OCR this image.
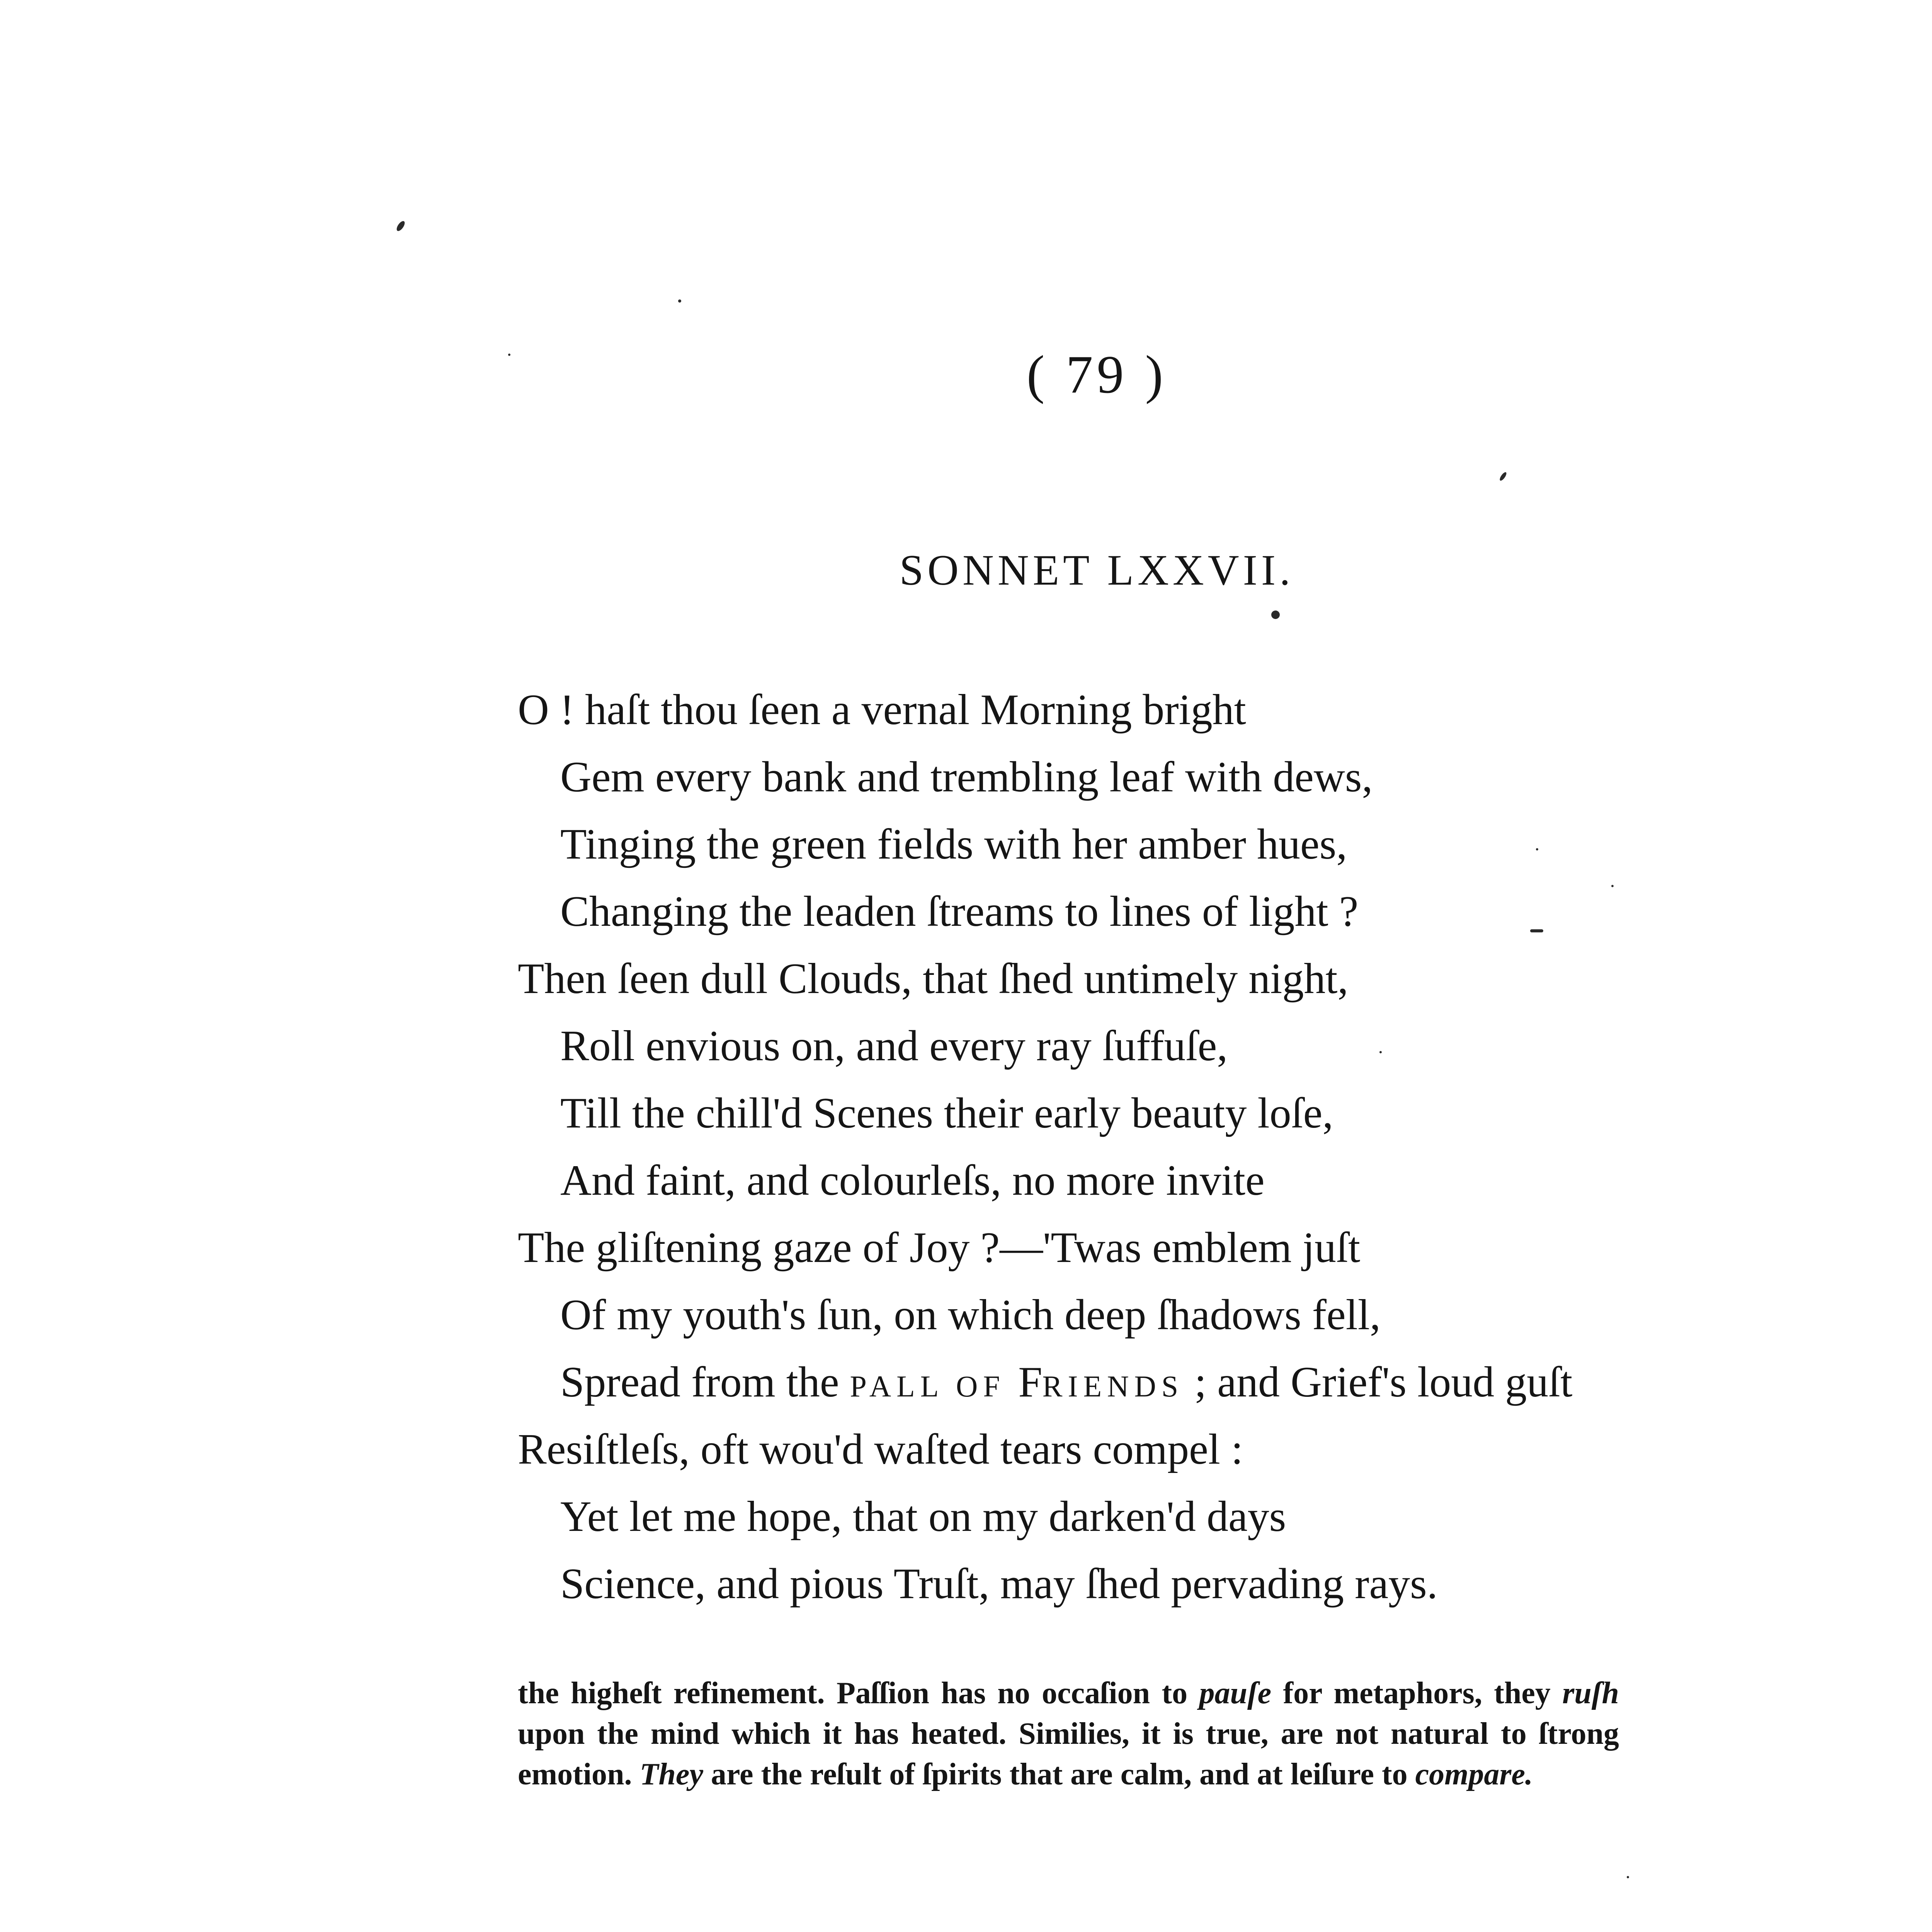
( 79 )
SONNET LXXVII.
O ! haſt thou ſeen a vernal Morning bright
Gem every bank and trembling leaf with dews,
Tinging the green fields with her amber hues,
Changing the leaden ſtreams to lines of light ?
Then ſeen dull Clouds, that ſhed untimely night,
Roll envious on, and every ray ſuffuſe,
Till the chill'd Scenes their early beauty loſe,
And faint, and colourleſs, no more invite
The gliſtening gaze of Joy ?—'Twas emblem juſt
Of my youth's ſun, on which deep ſhadows fell,
Spread from the PALL OF FRIENDS ; and Grief's loud guſt
Resiſtleſs, oft wou'd waſted tears compel :
Yet let me hope, that on my darken'd days
Science, and pious Truſt, may ſhed pervading rays.

the higheſt refinement. Paſſion has no occaſion to pauſe for metaphors, they ruſh upon the mind which it has heated. Similies, it is true, are not natural to ſtrong emotion. They are the reſult of ſpirits that are calm, and at leiſure to compare.
